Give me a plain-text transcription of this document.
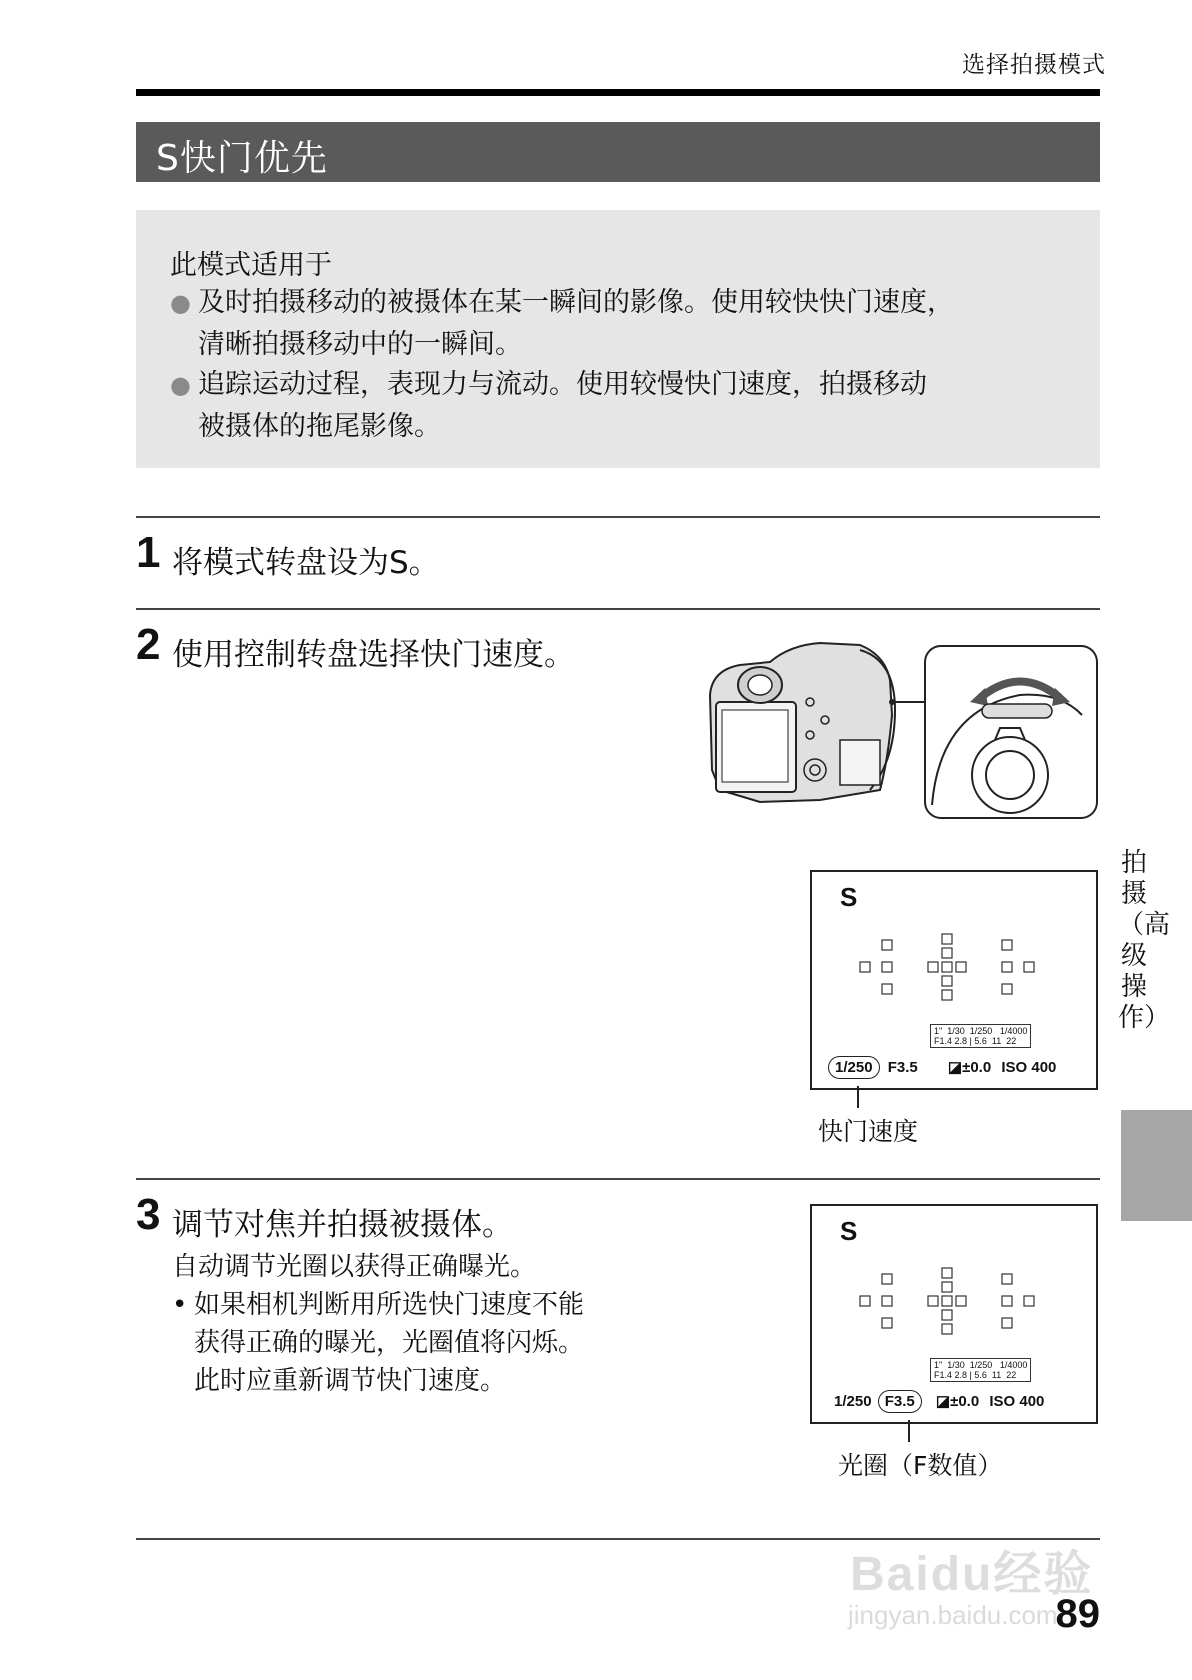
选择拍摄模式
S快门优先
此模式适用于
● 及时拍摄移动的被摄体在某一瞬间的影像。使用较快快门速度，
清晰拍摄移动中的一瞬间。
● 追踪运动过程，表现力与流动。使用较慢快门速度，拍摄移动
被摄体的拖尾影像。
1 将模式转盘设为S。
2 使用控制转盘选择快门速度。
S
1" 1/30 1/250 1/4000
F1.4 2.8 | 5.6 11 22
1/250 F3.5 ◪±0.0 ISO 400
快门速度
3 调节对焦并拍摄被摄体。
自动调节光圈以获得正确曝光。
• 如果相机判断用所选快门速度不能
获得正确的曝光，光圈值将闪烁。
此时应重新调节快门速度。
S
1" 1/30 1/250 1/4000
F1.4 2.8 | 5.6 11 22
1/250 F3.5 ◪±0.0 ISO 400
光圈（F数值）
拍摄（高级操作）
Baidu经验
jingyan.baidu.com
89
